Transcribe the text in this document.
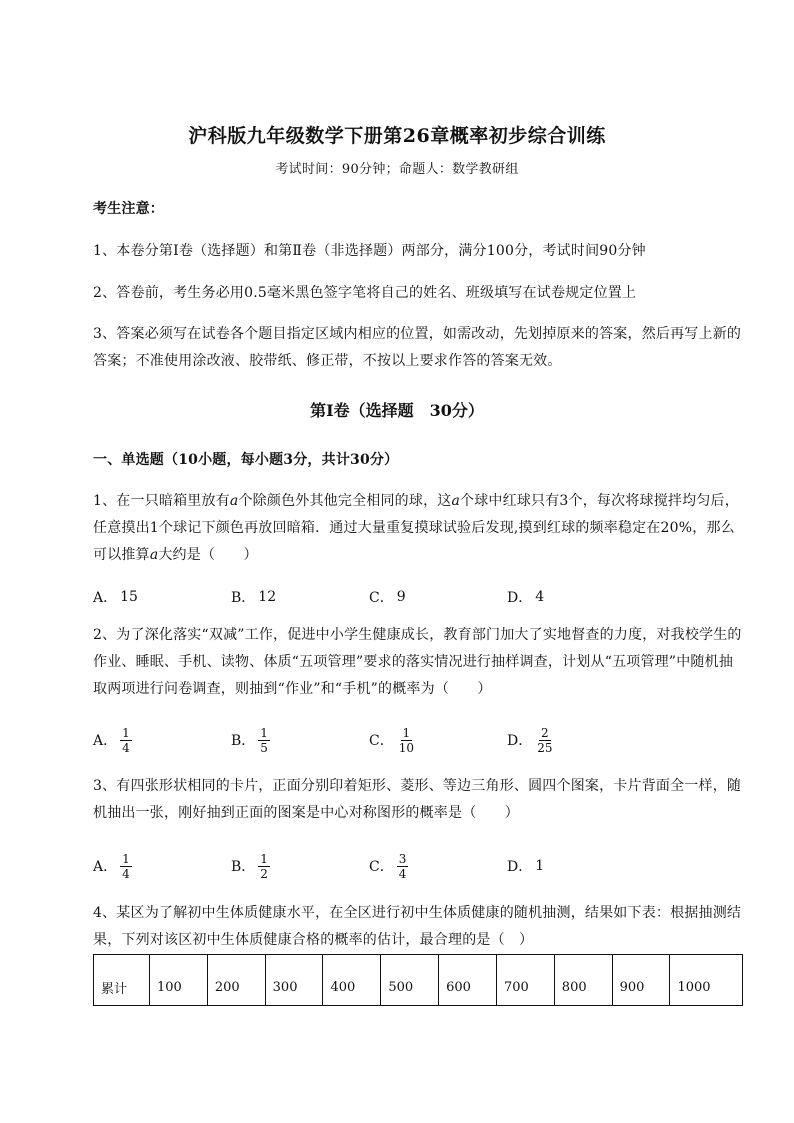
沪科版九年级数学下册第26章概率初步综合训练
考试时间：90分钟；命题人：数学教研组
考生注意：
1、本卷分第I卷（选择题）和第Ⅱ卷（非选择题）两部分，满分100分，考试时间90分钟
2、答卷前，考生务必用0.5毫米黑色签字笔将自己的姓名、班级填写在试卷规定位置上
3、答案必须写在试卷各个题目指定区域内相应的位置，如需改动，先划掉原来的答案，然后再写上新的答案；不准使用涂改液、胶带纸、修正带，不按以上要求作答的答案无效。
第I卷（选择题　30分）
一、单选题（10小题，每小题3分，共计30分）
1、在一只暗箱里放有a个除颜色外其他完全相同的球，这a个球中红球只有3个，每次将球搅拌均匀后，任意摸出1个球记下颜色再放回暗箱．通过大量重复摸球试验后发现,摸到红球的频率稳定在20%，那么可以推算a大约是（　　）
A． 15	B． 12	C． 9	D． 4
2、为了深化落实“双减”工作，促进中小学生健康成长，教育部门加大了实地督查的力度，对我校学生的作业、睡眠、手机、读物、体质“五项管理”要求的落实情况进行抽样调查，计划从“五项管理”中随机抽取两项进行问卷调查，则抽到“作业”和“手机”的概率为（　　）
A． $\frac{1}{4}$	B． $\frac{1}{5}$	C． $\frac{1}{10}$	D． $\frac{2}{25}$
3、有四张形状相同的卡片，正面分别印着矩形、菱形、等边三角形、圆四个图案，卡片背面全一样，随机抽出一张，刚好抽到正面的图案是中心对称图形的概率是（　　）
A． $\frac{1}{4}$	B． $\frac{1}{2}$	C． $\frac{3}{4}$	D． 1
4、某区为了解初中生体质健康水平，在全区进行初中生体质健康的随机抽测，结果如下表：根据抽测结果，下列对该区初中生体质健康合格的概率的估计，最合理的是（　）
累计	100	200	300	400	500	600	700	800	900	1000
